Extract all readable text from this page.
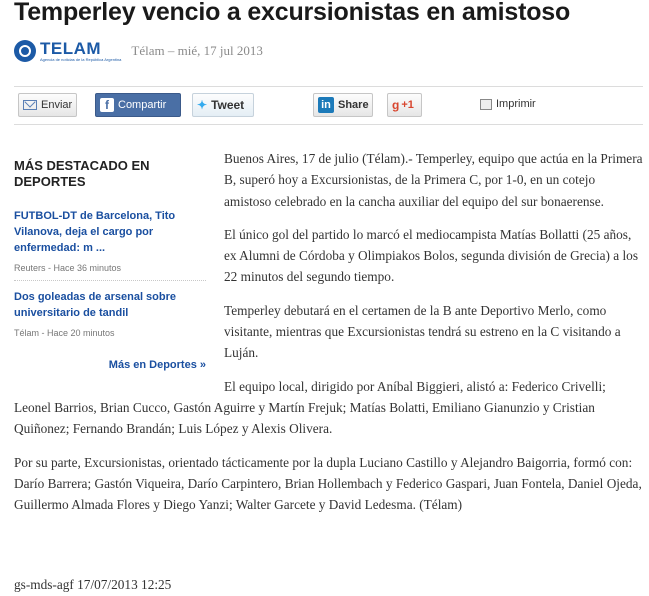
Temperley vencio a excursionistas en amistoso
TELAM
Agencia de noticias de la República Argentina
Télam – mié, 17 jul 2013
Enviar	f Compartir	✦ Tweet	in Share g +1	Imprimir
MÁS DESTACADO EN DEPORTES
FUTBOL-DT de Barcelona, Tito Vilanova, deja el cargo por enfermedad: m ...
Reuters - Hace 36 minutos
Dos goleadas de arsenal sobre universitario de tandil
Télam - Hace 20 minutos
Más en Deportes »

Buenos Aires, 17 de julio (Télam).- Temperley, equipo que actúa en la Primera B, superó hoy a Excursionistas, de la Primera C, por 1-0, en un cotejo amistoso celebrado en la cancha auxiliar del equipo del sur bonaerense.

El único gol del partido lo marcó el mediocampista Matías Bollatti (25 años, ex Alumni de Córdoba y Olimpiakos Bolos, segunda división de Grecia) a los 22 minutos del segundo tiempo.

Temperley debutará en el certamen de la B ante Deportivo Merlo, como visitante, mientras que Excursionistas tendrá su estreno en la C visitando a Luján.

El equipo local, dirigido por Aníbal Biggieri, alistó a: Federico Crivelli; Leonel Barrios, Brian Cucco, Gastón Aguirre y Martín Frejuk; Matías Bolatti, Emiliano Gianunzio y Cristian Quiñonez; Fernando Brandán; Luis López y Alexis Olivera.

Por su parte, Excursionistas, orientado tácticamente por la dupla Luciano Castillo y Alejandro Baigorria, formó con: Darío Barrera; Gastón Viqueira, Darío Carpintero, Brian Hollembach y Federico Gaspari, Juan Fontela, Daniel Ojeda, Guillermo Almada Flores y Diego Yanzi; Walter Garcete y David Ledesma. (Télam)

gs-mds-agf 17/07/2013 12:25
